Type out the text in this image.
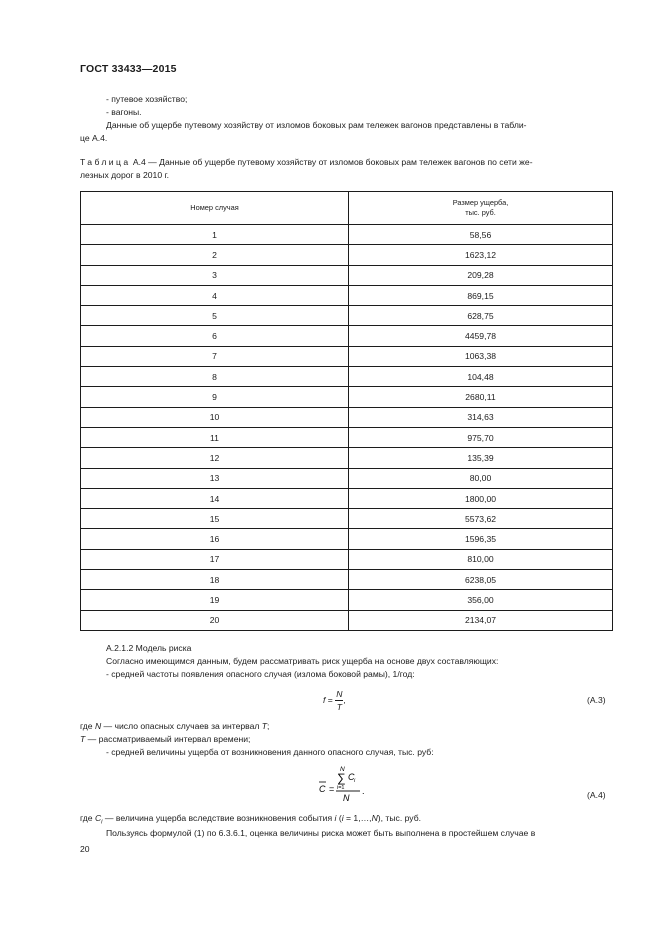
ГОСТ 33433—2015
- путевое хозяйство;
- вагоны.
Данные об ущербе путевому хозяйству от изломов боковых рам тележек вагонов представлены в табли-
це А.4.
Таблица А.4 — Данные об ущербе путевому хозяйству от изломов боковых рам тележек вагонов по сети же-
лезных дорог в 2010 г.
Номер случая	Размер ущерба,
тыс. руб.
1	58,56
2	1623,12
3	209,28
4	869,15
5	628,75
6	4459,78
7	1063,38
8	104,48
9	2680,11
10	314,63
11	975,70
12	135,39
13	80,00
14	1800,00
15	5573,62
16	1596,35
17	810,00
18	6238,05
19	356,00
20	2134,07
А.2.1.2 Модель риска
Согласно имеющимся данным, будем рассматривать риск ущерба на основе двух составляющих:
- средней частоты появления опасного случая (излома боковой рамы), 1/год:
$f = \frac{N}{T}$ ,	(А.3)
где N — число опасных случаев за интервал T;
T — рассматриваемый интервал времени;
- средней величины ущерба от возникновения данного опасного случая, тыс. руб:
C =
N
∑ C i
i=1
N
.	(А.4)
где $C_i$ — величина ущерба вследствие возникновения события i (i = 1,…,N), тыс. руб.
Пользуясь формулой (1) по 6.3.6.1, оценка величины риска может быть выполнена в простейшем случае в
20
